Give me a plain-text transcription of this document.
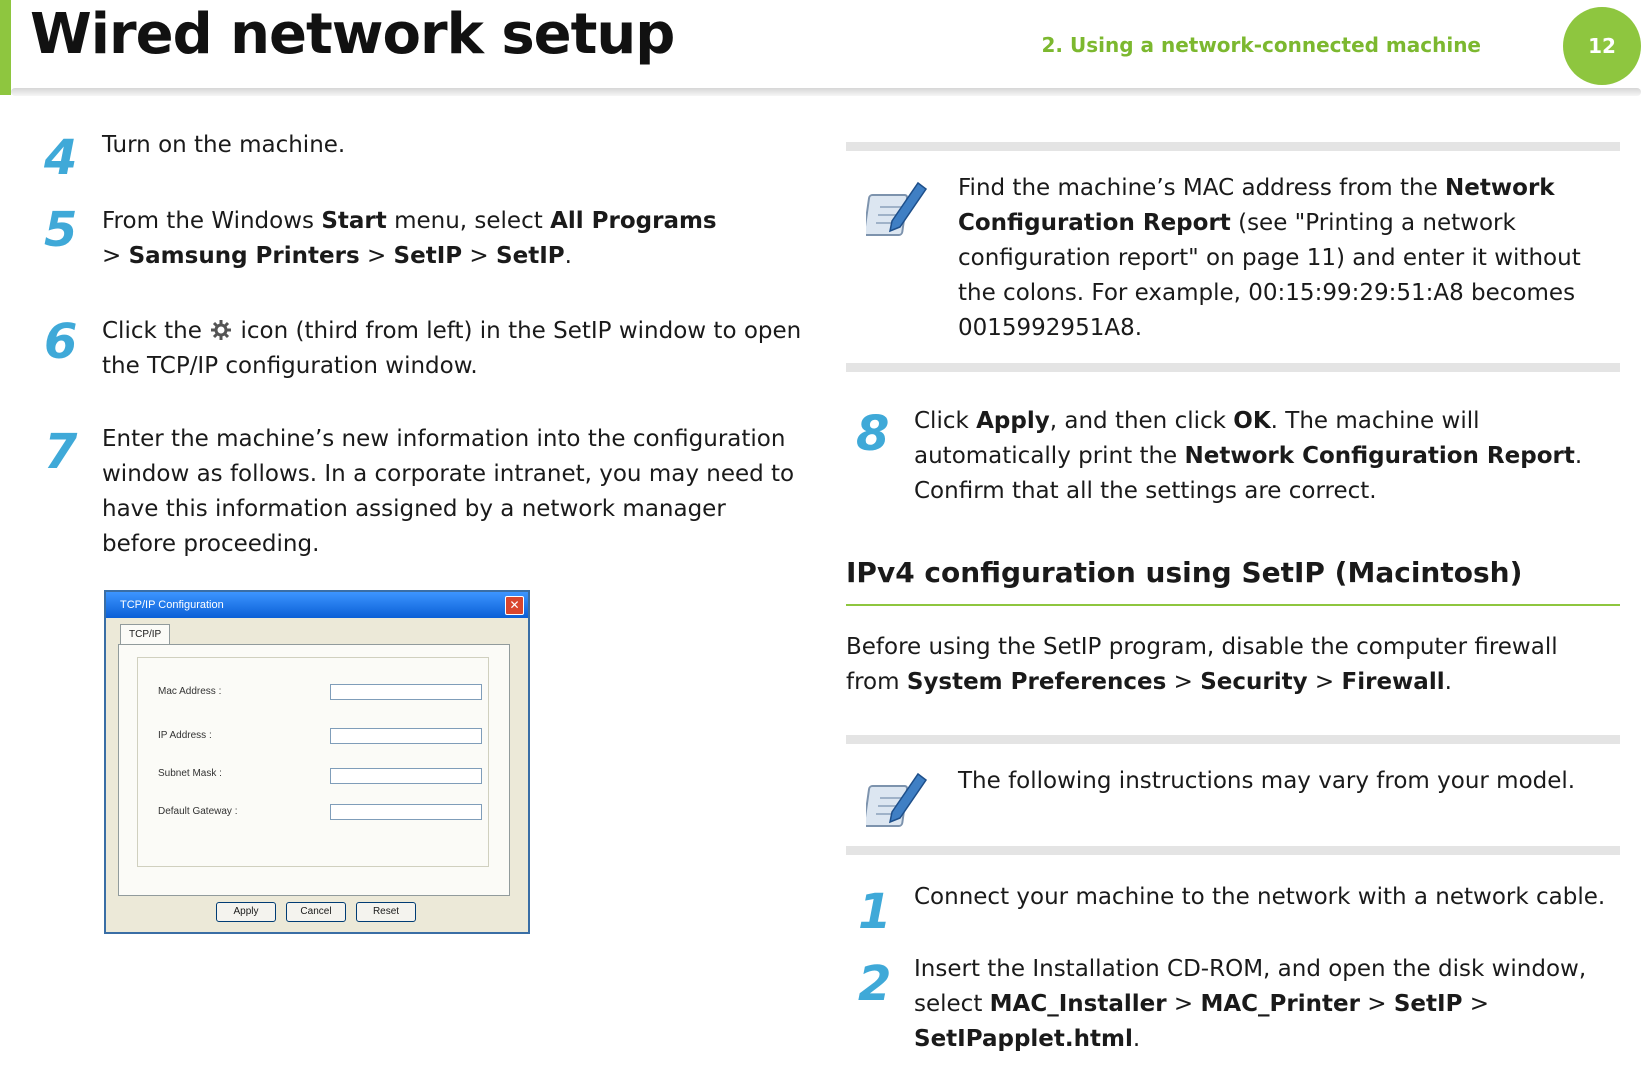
Wired network setup	2. Using a network-connected machine	12
4 Turn on the machine.
5 From the Windows Start menu, select All Programs > Samsung Printers > SetIP > SetIP.
6 Click the  icon (third from left) in the SetIP window to open the TCP/IP configuration window.
7 Enter the machine’s new information into the configuration window as follows. In a corporate intranet, you may need to have this information assigned by a network manager before proceeding.
TCP/IP Configuration	✕
TCP/IP
Mac Address :
IP Address :
Subnet Mask :
Default Gateway :
Apply	Cancel	Reset
Find the machine’s MAC address from the Network Configuration Report (see "Printing a network configuration report" on page 11) and enter it without the colons. For example, 00:15:99:29:51:A8 becomes 0015992951A8.
8 Click Apply, and then click OK. The machine will automatically print the Network Configuration Report. Confirm that all the settings are correct.
IPv4 configuration using SetIP (Macintosh)
Before using the SetIP program, disable the computer firewall from System Preferences > Security > Firewall.
The following instructions may vary from your model.
1 Connect your machine to the network with a network cable.
2 Insert the Installation CD-ROM, and open the disk window, select MAC_Installer > MAC_Printer > SetIP > SetIPapplet.html.
